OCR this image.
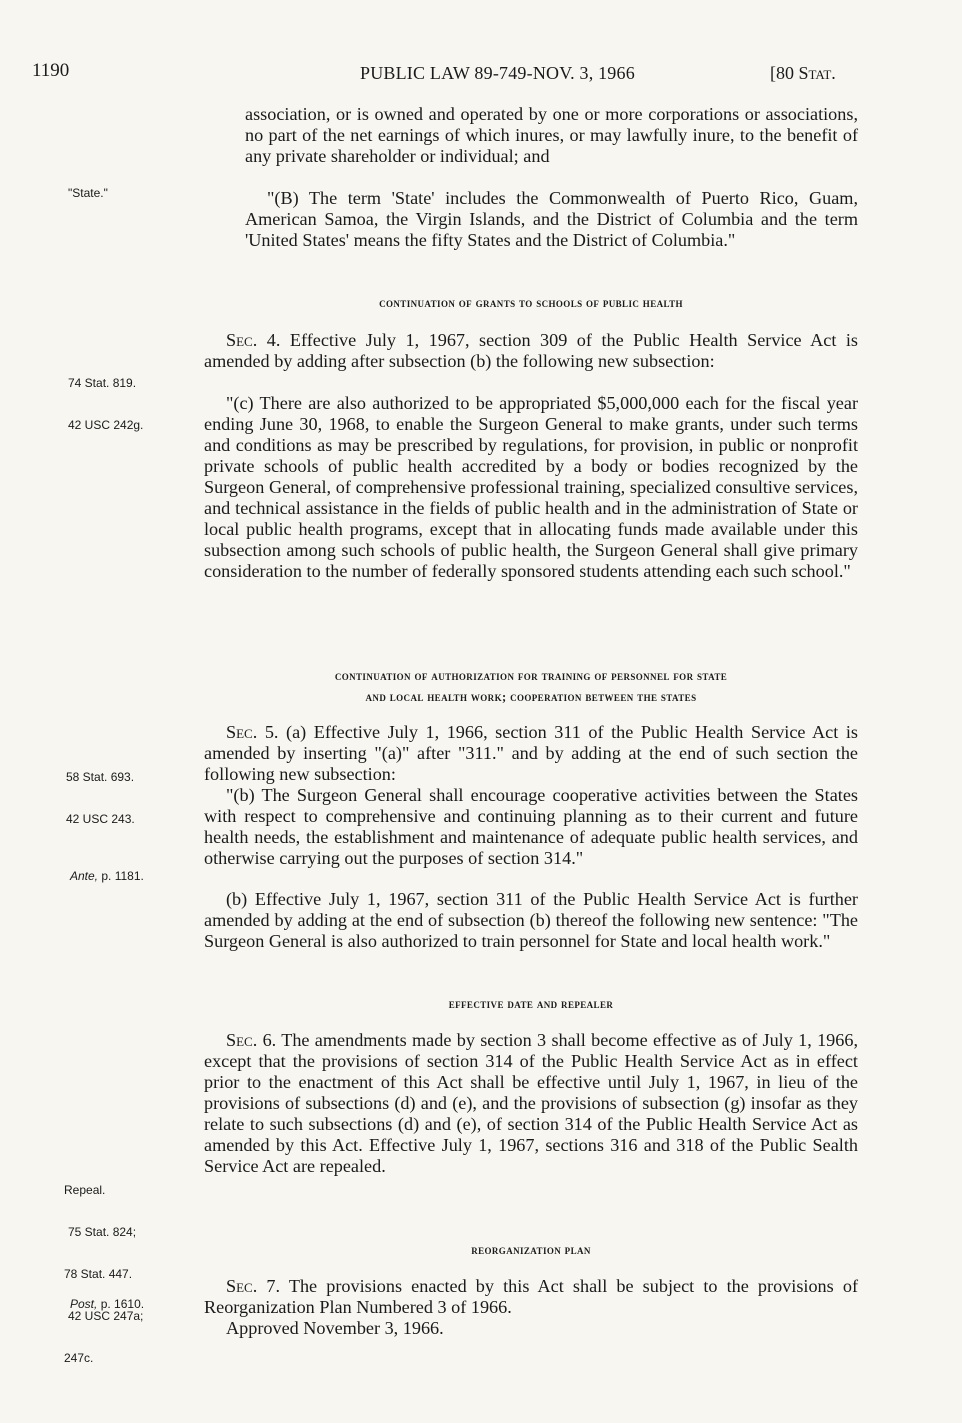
1190	PUBLIC LAW 89-749-NOV. 3, 1966	[80 Stat.
"State."

74 Stat. 819.

42 USC 242g.

58 Stat. 693.

42 USC 243.

Ante, p. 1181.

Repeal.

75 Stat. 824;

78 Stat. 447.

42 USC 247a;

247c.

Post, p. 1610.

association, or is owned and operated by one or more corporations or associations, no part of the net earnings of which inures, or may lawfully inure, to the benefit of any private shareholder or individual; and

"(B) The term 'State' includes the Commonwealth of Puerto Rico, Guam, American Samoa, the Virgin Islands, and the District of Columbia and the term 'United States' means the fifty States and the District of Columbia."

continuation of grants to schools of public health

Sec. 4. Effective July 1, 1967, section 309 of the Public Health Service Act is amended by adding after subsection (b) the following new subsection:

"(c) There are also authorized to be appropriated $5,000,000 each for the fiscal year ending June 30, 1968, to enable the Surgeon General to make grants, under such terms and conditions as may be prescribed by regulations, for provision, in public or nonprofit private schools of public health accredited by a body or bodies recognized by the Surgeon General, of comprehensive professional training, specialized consultive services, and technical assistance in the fields of public health and in the administration of State or local public health programs, except that in allocating funds made available under this subsection among such schools of public health, the Surgeon General shall give primary consideration to the number of federally sponsored students attending each such school."

continuation of authorization for training of personnel for state
and local health work; cooperation between the states

Sec. 5. (a) Effective July 1, 1966, section 311 of the Public Health Service Act is amended by inserting "(a)" after "311." and by adding at the end of such section the following new subsection:

"(b) The Surgeon General shall encourage cooperative activities between the States with respect to comprehensive and continuing planning as to their current and future health needs, the establishment and maintenance of adequate public health services, and otherwise carrying out the purposes of section 314."

(b) Effective July 1, 1967, section 311 of the Public Health Service Act is further amended by adding at the end of subsection (b) thereof the following new sentence: "The Surgeon General is also authorized to train personnel for State and local health work."

effective date and repealer

Sec. 6. The amendments made by section 3 shall become effective as of July 1, 1966, except that the provisions of section 314 of the Public Health Service Act as in effect prior to the enactment of this Act shall be effective until July 1, 1967, in lieu of the provisions of subsections (d) and (e), and the provisions of subsection (g) insofar as they relate to such subsections (d) and (e), of section 314 of the Public Health Service Act as amended by this Act. Effective July 1, 1967, sections 316 and 318 of the Public Sealth Service Act are repealed.

reorganization plan

Sec. 7. The provisions enacted by this Act shall be subject to the provisions of Reorganization Plan Numbered 3 of 1966.

Approved November 3, 1966.
